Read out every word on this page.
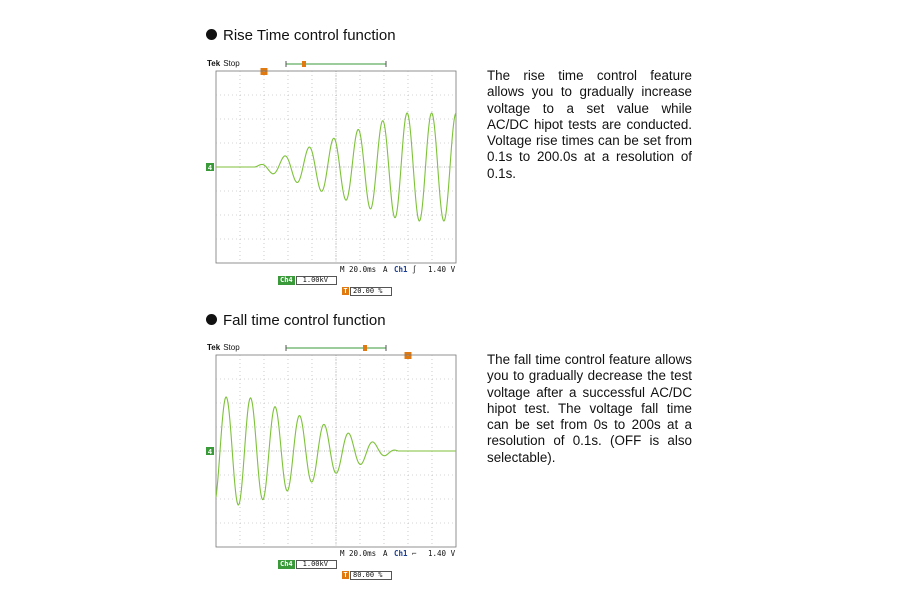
Rise Time control function
Tek Stop
4
M 20.0ms A Ch1 ∫ 1.40 V
Ch4 1.00kV
T 20.00 %
The rise time control feature allows you to gradually increase voltage to a set value while AC/DC hipot tests are conducted. Voltage rise times can be set from 0.1s to 200.0s at a resolution of 0.1s.
Fall time control function
Tek Stop
4
M 20.0ms A Ch1 ⌐ 1.40 V
Ch4 1.00kV
T 80.00 %
The fall time control feature allows you to gradually decrease the test voltage after a successful AC/DC hipot test. The voltage fall time can be set from 0s to 200s at a resolution of 0.1s. (OFF is also selectable).
